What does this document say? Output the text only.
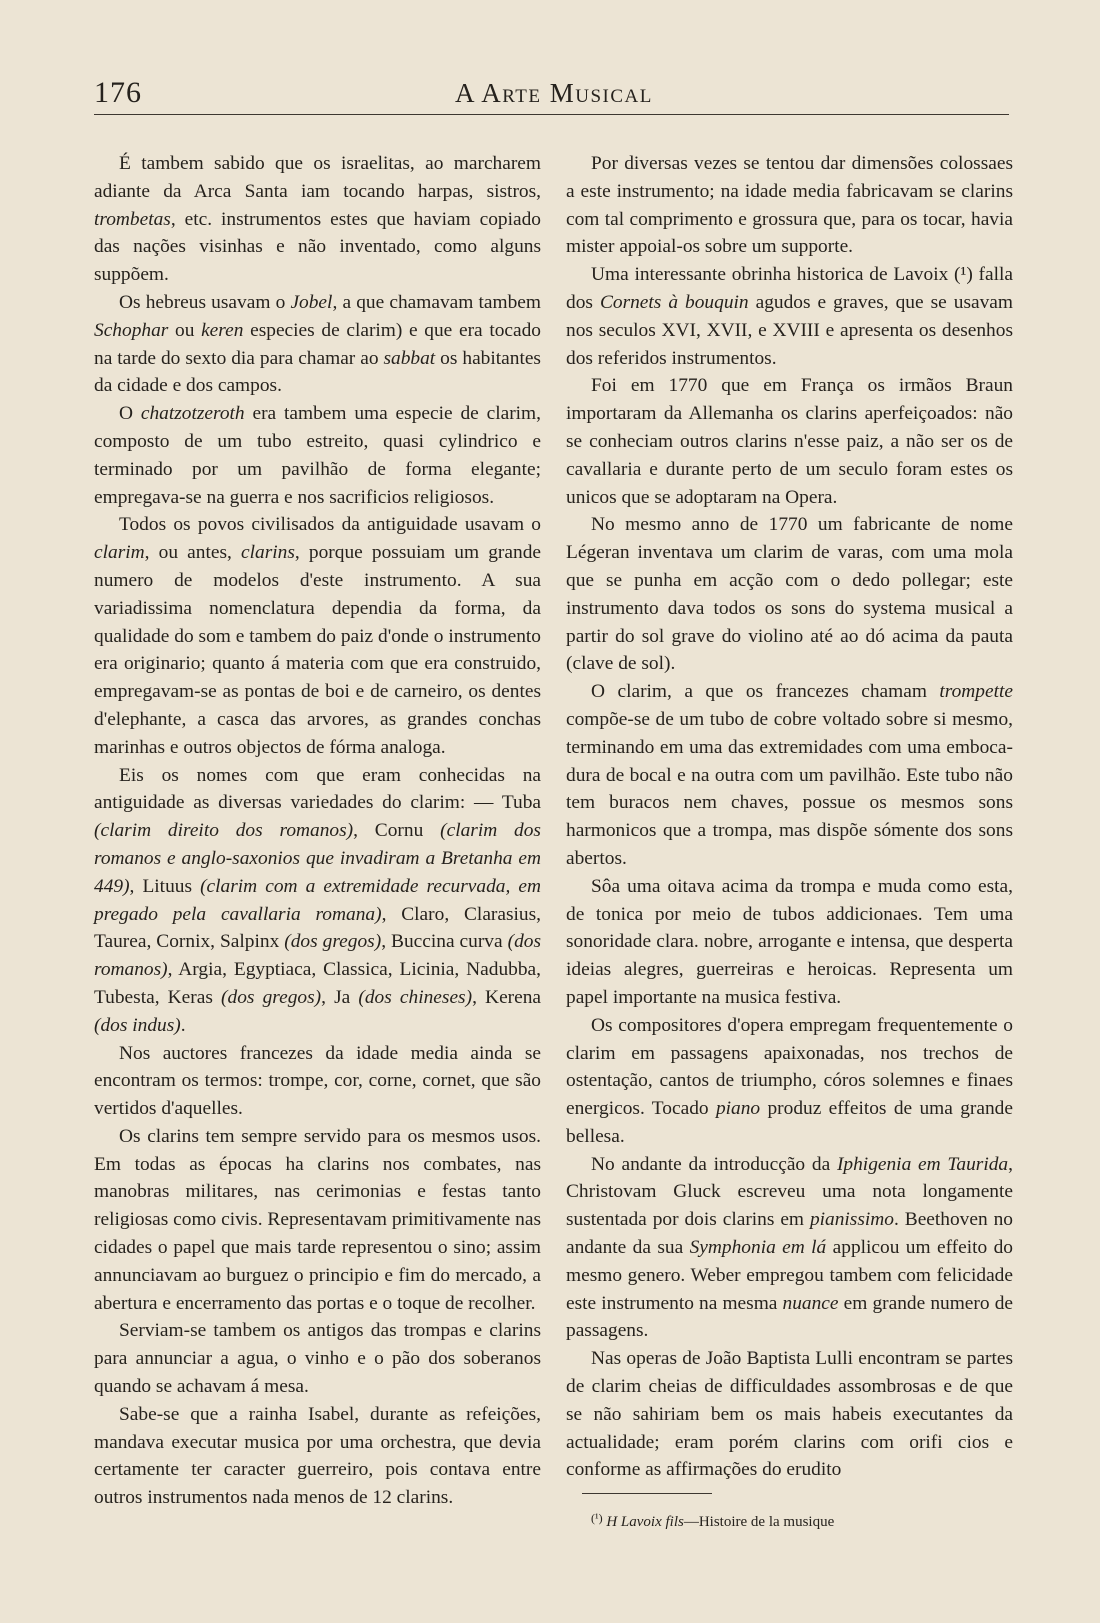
176	A Arte Musical

É tambem sabido que os israelitas, ao marcharem adiante da Arca Santa iam tocando harpas, sistros, trombetas, etc. instrumentos estes que haviam copiado das nações visinhas e não inventado, como alguns suppõem.

Os hebreus usavam o Jobel, a que chamavam tambem Schophar ou keren especies de clarim) e que era tocado na tarde do sexto dia para chamar ao sabbat os habitantes da cidade e dos campos.

O chatzotzeroth era tambem uma especie de clarim, composto de um tubo estreito, quasi cylindrico e terminado por um pavilhão de forma elegante; empregava-se na guerra e nos sacrificios religiosos.

Todos os povos civilisados da antiguidade usavam o clarim, ou antes, clarins, porque possuiam um grande numero de modelos d'este instrumento. A sua variadissima nomenclatura dependia da forma, da qualidade do som e tambem do paiz d'onde o instrumento era originario; quanto á materia com que era construido, empregavam-se as pontas de boi e de carneiro, os dentes d'elephante, a casca das arvores, as grandes conchas marinhas e outros objectos de fórma analoga.

Eis os nomes com que eram conhecidas na antiguidade as diversas variedades do clarim: — Tuba (clarim direito dos romanos), Cornu (clarim dos romanos e anglo-saxonios que invadiram a Bretanha em 449), Lituus (clarim com a extremidade recurvada, em pregado pela cavallaria romana), Claro, Clarasius, Taurea, Cornix, Salpinx (dos gregos), Buccina curva (dos romanos), Argia, Egyptiaca, Classica, Licinia, Nadubba, Tubesta, Keras (dos gregos), Ja (dos chineses), Kerena (dos indus).

Nos auctores francezes da idade media ainda se encontram os termos: trompe, cor, corne, cornet, que são vertidos d'aquelles.

Os clarins tem sempre servido para os mesmos usos. Em todas as épocas ha clarins nos combates, nas manobras militares, nas cerimonias e festas tanto religiosas como civis. Representavam primitivamente nas cidades o papel que mais tarde representou o sino; assim annunciavam ao burguez o principio e fim do mercado, a abertura e encerramento das portas e o toque de recolher.

Serviam-se tambem os antigos das trompas e clarins para annunciar a agua, o vinho e o pão dos soberanos quando se achavam á mesa.

Sabe-se que a rainha Isabel, durante as refeições, mandava executar musica por uma orchestra, que devia certamente ter caracter guerreiro, pois contava entre outros instrumentos nada menos de 12 clarins.

Por diversas vezes se tentou dar dimensões colossaes a este instrumento; na idade media fabricavam se clarins com tal comprimento e grossura que, para os tocar, havia mister appoial-os sobre um supporte.

Uma interessante obrinha historica de Lavoix (¹) falla dos Cornets à bouquin agudos e graves, que se usavam nos seculos XVI, XVII, e XVIII e apresenta os desenhos dos referidos instrumentos.

Foi em 1770 que em França os irmãos Braun importaram da Allemanha os clarins aperfeiçoados: não se conheciam outros clarins n'esse paiz, a não ser os de cavallaria e durante perto de um seculo foram estes os unicos que se adoptaram na Opera.

No mesmo anno de 1770 um fabricante de nome Légeran inventava um clarim de varas, com uma mola que se punha em acção com o dedo pollegar; este instrumento dava todos os sons do systema musical a partir do sol grave do violino até ao dó acima da pauta (clave de sol).

O clarim, a que os francezes chamam trompette compõe-se de um tubo de cobre voltado sobre si mesmo, terminando em uma das extremidades com uma embocadura de bocal e na outra com um pavilhão. Este tubo não tem buracos nem chaves, possue os mesmos sons harmonicos que a trompa, mas dispõe sómente dos sons abertos.

Sôa uma oitava acima da trompa e muda como esta, de tonica por meio de tubos addicionaes. Tem uma sonoridade clara. nobre, arrogante e intensa, que desperta ideias alegres, guerreiras e heroicas. Representa um papel importante na musica festiva.

Os compositores d'opera empregam frequentemente o clarim em passagens apaixonadas, nos trechos de ostentação, cantos de triumpho, córos solemnes e finaes energicos. Tocado piano produz effeitos de uma grande bellesa.

No andante da introducção da Iphigenia em Taurida, Christovam Gluck escreveu uma nota longamente sustentada por dois clarins em pianissimo. Beethoven no andante da sua Symphonia em lá applicou um effeito do mesmo genero. Weber empregou tambem com felicidade este instrumento na mesma nuance em grande numero de passagens.

Nas operas de João Baptista Lulli encontram se partes de clarim cheias de difficuldades assombrosas e de que se não sahiriam bem os mais habeis executantes da actualidade; eram porém clarins com orifi cios e conforme as affirmações do erudito

$^{(^1)}$ H Lavoix fils—Histoire de la musique
